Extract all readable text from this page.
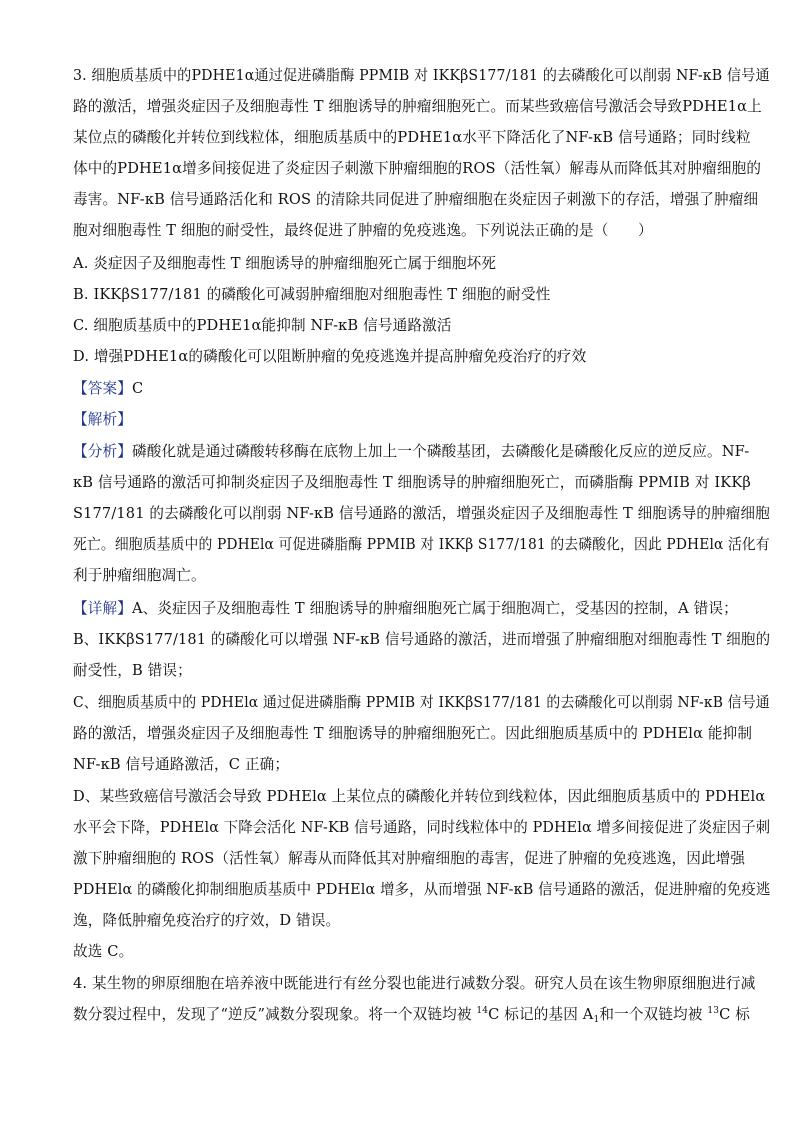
3. 细胞质基质中的PDHE1α通过促进磷脂酶 PPMIB 对 IKKβS177/181 的去磷酸化可以削弱 NF-κB 信号通
路的激活，增强炎症因子及细胞毒性 T 细胞诱导的肿瘤细胞死亡。而某些致癌信号激活会导致PDHE1α上
某位点的磷酸化并转位到线粒体，细胞质基质中的PDHE1α水平下降活化了NF-κB 信号通路；同时线粒
体中的PDHE1α增多间接促进了炎症因子刺激下肿瘤细胞的ROS（活性氧）解毒从而降低其对肿瘤细胞的
毒害。NF-κB 信号通路活化和 ROS 的清除共同促进了肿瘤细胞在炎症因子刺激下的存活，增强了肿瘤细
胞对细胞毒性 T 细胞的耐受性，最终促进了肿瘤的免疫逃逸。下列说法正确的是（　　）
A. 炎症因子及细胞毒性 T 细胞诱导的肿瘤细胞死亡属于细胞坏死
B. IKKβS177/181 的磷酸化可减弱肿瘤细胞对细胞毒性 T 细胞的耐受性
C. 细胞质基质中的PDHE1α能抑制 NF-κB 信号通路激活
D. 增强PDHE1α的磷酸化可以阻断肿瘤的免疫逃逸并提高肿瘤免疫治疗的疗效
【答案】C
【解析】
【分析】磷酸化就是通过磷酸转移酶在底物上加上一个磷酸基团，去磷酸化是磷酸化反应的逆反应。NF-
κB 信号通路的激活可抑制炎症因子及细胞毒性 T 细胞诱导的肿瘤细胞死亡，而磷脂酶 PPMIB 对 IKKβ
S177/181 的去磷酸化可以削弱 NF-κB 信号通路的激活，增强炎症因子及细胞毒性 T 细胞诱导的肿瘤细胞
死亡。细胞质基质中的 PDHElα 可促进磷脂酶 PPMIB 对 IKKβ S177/181 的去磷酸化，因此 PDHElα 活化有
利于肿瘤细胞凋亡。
【详解】A、炎症因子及细胞毒性 T 细胞诱导的肿瘤细胞死亡属于细胞凋亡，受基因的控制，A 错误；
B、IKKβS177/181 的磷酸化可以增强 NF-κB 信号通路的激活，进而增强了肿瘤细胞对细胞毒性 T 细胞的
耐受性，B 错误；
C、细胞质基质中的 PDHElα 通过促进磷脂酶 PPMIB 对 IKKβS177/181 的去磷酸化可以削弱 NF-κB 信号通
路的激活，增强炎症因子及细胞毒性 T 细胞诱导的肿瘤细胞死亡。因此细胞质基质中的 PDHElα 能抑制
NF-κB 信号通路激活，C 正确；
D、某些致癌信号激活会导致 PDHElα 上某位点的磷酸化并转位到线粒体，因此细胞质基质中的 PDHElα
水平会下降，PDHElα 下降会活化 NF-KB 信号通路，同时线粒体中的 PDHElα 增多间接促进了炎症因子刺
激下肿瘤细胞的 ROS（活性氧）解毒从而降低其对肿瘤细胞的毒害，促进了肿瘤的免疫逃逸，因此增强
PDHElα 的磷酸化抑制细胞质基质中 PDHElα 增多，从而增强 NF-κB 信号通路的激活，促进肿瘤的免疫逃
逸，降低肿瘤免疫治疗的疗效，D 错误。
故选 C。
4. 某生物的卵原细胞在培养液中既能进行有丝分裂也能进行减数分裂。研究人员在该生物卵原细胞进行减
数分裂过程中，发现了“逆反”减数分裂现象。将一个双链均被 $^{14}$C 标记的基因 $A_1$和一个双链均被 $^{13}$C 标
